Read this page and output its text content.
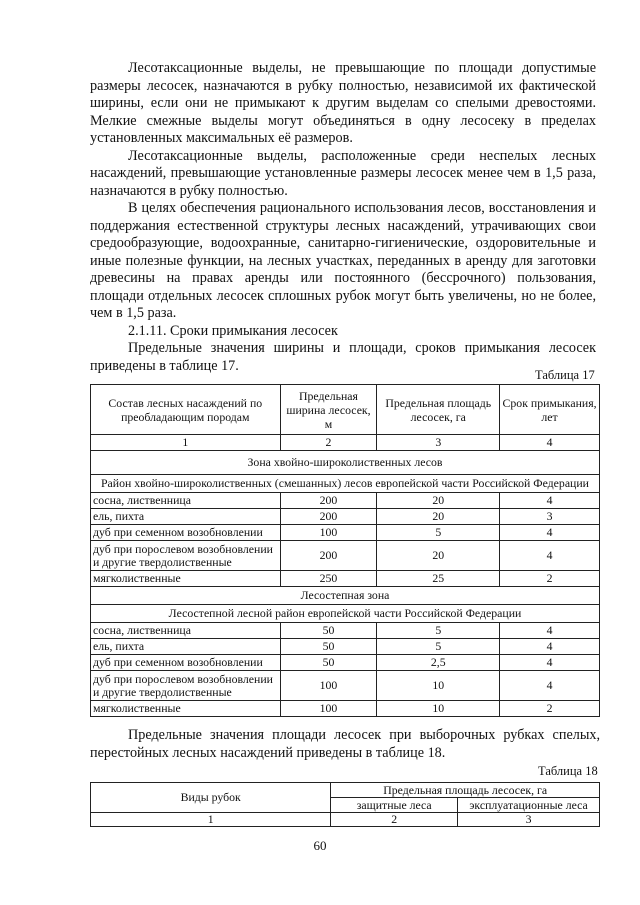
Лесотаксационные выделы, не превышающие по площади допустимые размеры лесосек, назначаются в рубку полностью, независимой их фактической ширины, если они не примыкают к другим выделам со спелыми древостоями. Мелкие смежные выделы могут объединяться в одну лесосеку в пределах установленных максимальных её размеров.

Лесотаксационные выделы, расположенные среди неспелых лесных насаждений, превышающие установленные размеры лесосек менее чем в 1,5 раза, назначаются в рубку полностью.

В целях обеспечения рационального использования лесов, восстановления и поддержания естественной структуры лесных насаждений, утрачивающих свои средообразующие, водоохранные, санитарно-гигиенические, оздоровительные и иные полезные функции, на лесных участках, переданных в аренду для заготовки древесины на правах аренды или постоянного (бессрочного) пользования, площади отдельных лесосек сплошных рубок могут быть увеличены, но не более, чем в 1,5 раза.

2.1.11. Сроки примыкания лесосек

Предельные значения ширины и площади, сроков примыкания лесосек приведены в таблице 17.

Таблица 17
Состав лесных насаждений по преобладающим породам	Предельная ширина лесосек, м	Предельная площадь лесосек, га	Срок примыкания, лет
1	2	3	4
Зона хвойно-широколиственных лесов			
Район хвойно-широколиственных (смешанных) лесов европейской части Российской Федерации			
сосна, лиственница	200	20	4
ель, пихта	200	20	3
дуб при семенном возобновлении	100	5	4
дуб при порослевом возобновлении и другие твердолиственные	200	20	4
мягколиственные	250	25	2
Лесостепная зона			
Лесостепной лесной район европейской части Российской Федерации			
сосна, лиственница	50	5	4
ель, пихта	50	5	4
дуб при семенном возобновлении	50	2,5	4
дуб при порослевом возобновлении и другие твердолиственные	100	10	4
мягколиственные	100	10	2

Предельные значения площади лесосек при выборочных рубках спелых, перестойных лесных насаждений приведены в таблице 18.

Таблица 18
Виды рубок	Предельная площадь лесосек, га	
	защитные леса	эксплуатационные леса
1	2	3
60
